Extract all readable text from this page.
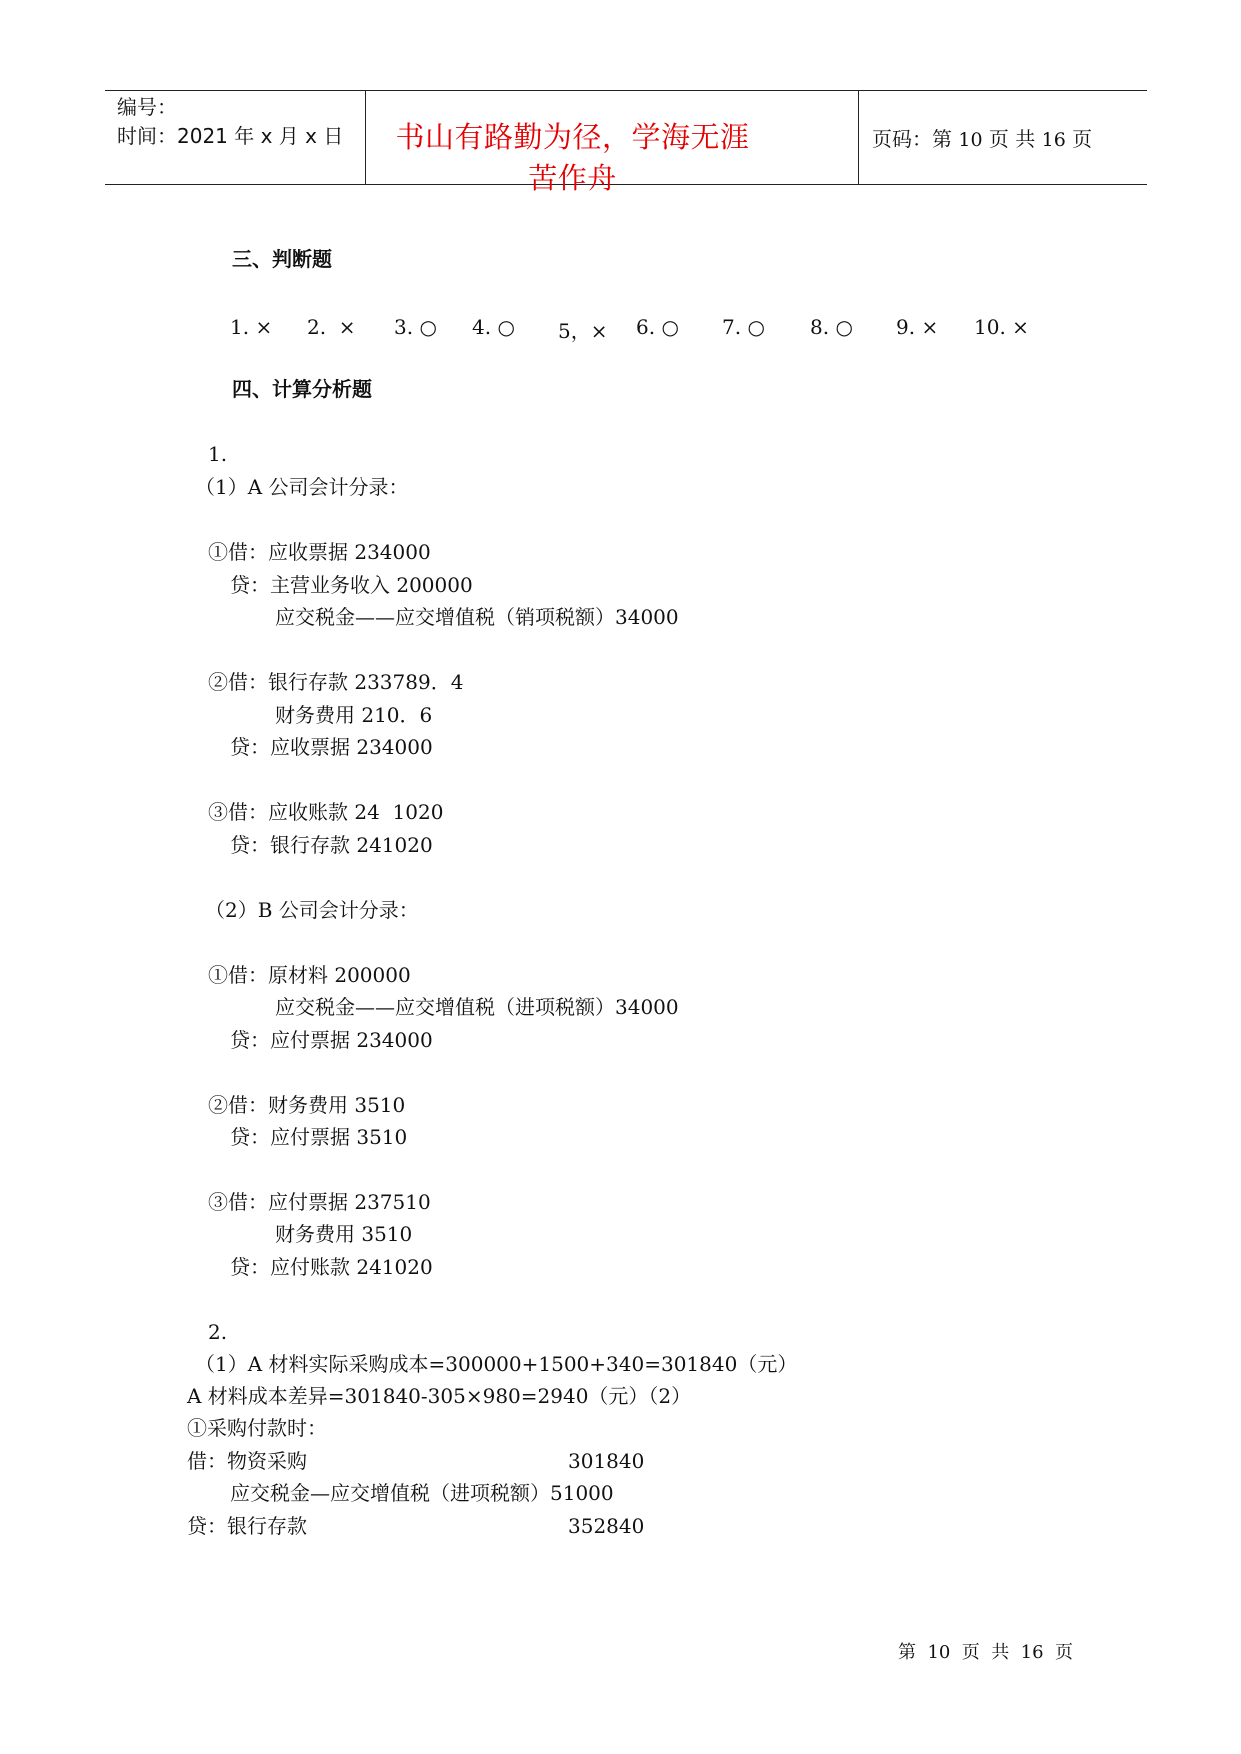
编号：
时间：2021 年 x 月 x 日 书山有路勤为径，学海无涯苦作舟
页码：第 10 页 共 16 页
三、判断题
1. × 2.  × 3. ○ 4. ○ 5，× 6. ○ 7. ○ 8. ○ 9. × 10. ×
四、计算分析题
1.
（1）A 公司会计分录：
①借：应收票据 234000
贷：主营业务收入 200000
应交税金——应交增值税（销项税额）34000
②借：银行存款 233789．4
财务费用 210．6
贷：应收票据 234000
③借：应收账款 24  1020
贷：银行存款 241020
（2）B 公司会计分录：
①借：原材料 200000
应交税金——应交增值税（进项税额）34000
贷：应付票据 234000
②借：财务费用 3510
贷：应付票据 3510
③借：应付票据 237510
财务费用 3510
贷：应付账款 241020
2.
（1）A 材料实际采购成本=300000+1500+340=301840（元）
A 材料成本差异=301840-305×980=2940（元）（2）
①采购付款时：
借：物资采购	301840
应交税金—应交增值税（进项税额）51000
贷：银行存款	352840
第  10  页  共  16  页
